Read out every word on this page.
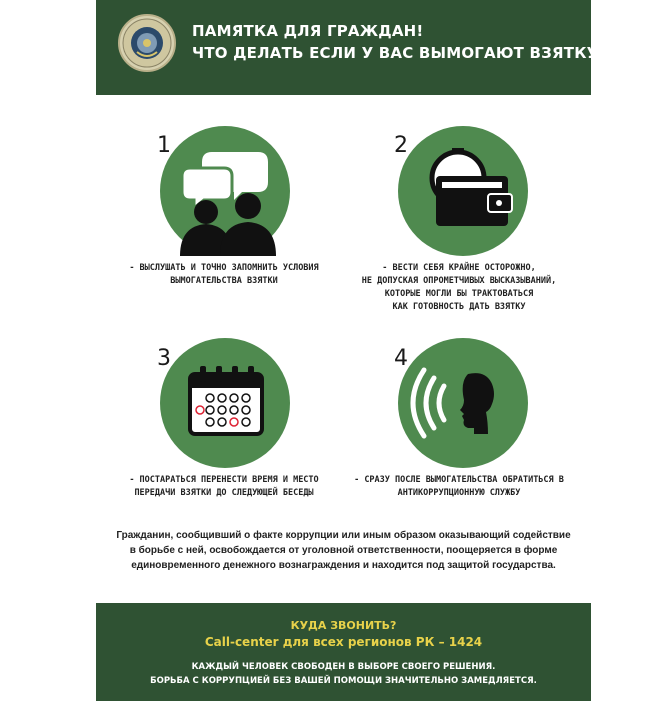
ПАМЯТКА ДЛЯ ГРАЖДАН!
ЧТО ДЕЛАТЬ ЕСЛИ У ВАС ВЫМОГАЮТ ВЗЯТКУ!?
1
- ВЫСЛУШАТЬ И ТОЧНО ЗАПОМНИТЬ УСЛОВИЯ
ВЫМОГАТЕЛЬСТВА ВЗЯТКИ
2
- ВЕСТИ СЕБЯ КРАЙНЕ ОСТОРОЖНО,
НЕ ДОПУСКАЯ ОПРОМЕТЧИВЫХ ВЫСКАЗЫВАНИЙ,
КОТОРЫЕ МОГЛИ БЫ ТРАКТОВАТЬСЯ
КАК ГОТОВНОСТЬ ДАТЬ ВЗЯТКУ
3
- ПОСТАРАТЬСЯ ПЕРЕНЕСТИ ВРЕМЯ И МЕСТО
ПЕРЕДАЧИ ВЗЯТКИ ДО СЛЕДУЮЩЕЙ БЕСЕДЫ
4
- СРАЗУ ПОСЛЕ ВЫМОГАТЕЛЬСТВА ОБРАТИТЬСЯ В
АНТИКОРРУПЦИОННУЮ СЛУЖБУ
Гражданин, сообщивший о факте коррупции или иным образом оказывающий содействие
в борьбе с ней, освобождается от уголовной ответственности, поощеряется в форме
единовременного денежного вознаграждения и находится под защитой государства.
КУДА ЗВОНИТЬ?
Call-center для всех регионов РК – 1424
КАЖДЫЙ ЧЕЛОВЕК СВОБОДЕН В ВЫБОРЕ СВОЕГО РЕШЕНИЯ.
БОРЬБА С КОРРУПЦИЕЙ БЕЗ ВАШЕЙ ПОМОЩИ ЗНАЧИТЕЛЬНО ЗАМЕДЛЯЕТСЯ.
